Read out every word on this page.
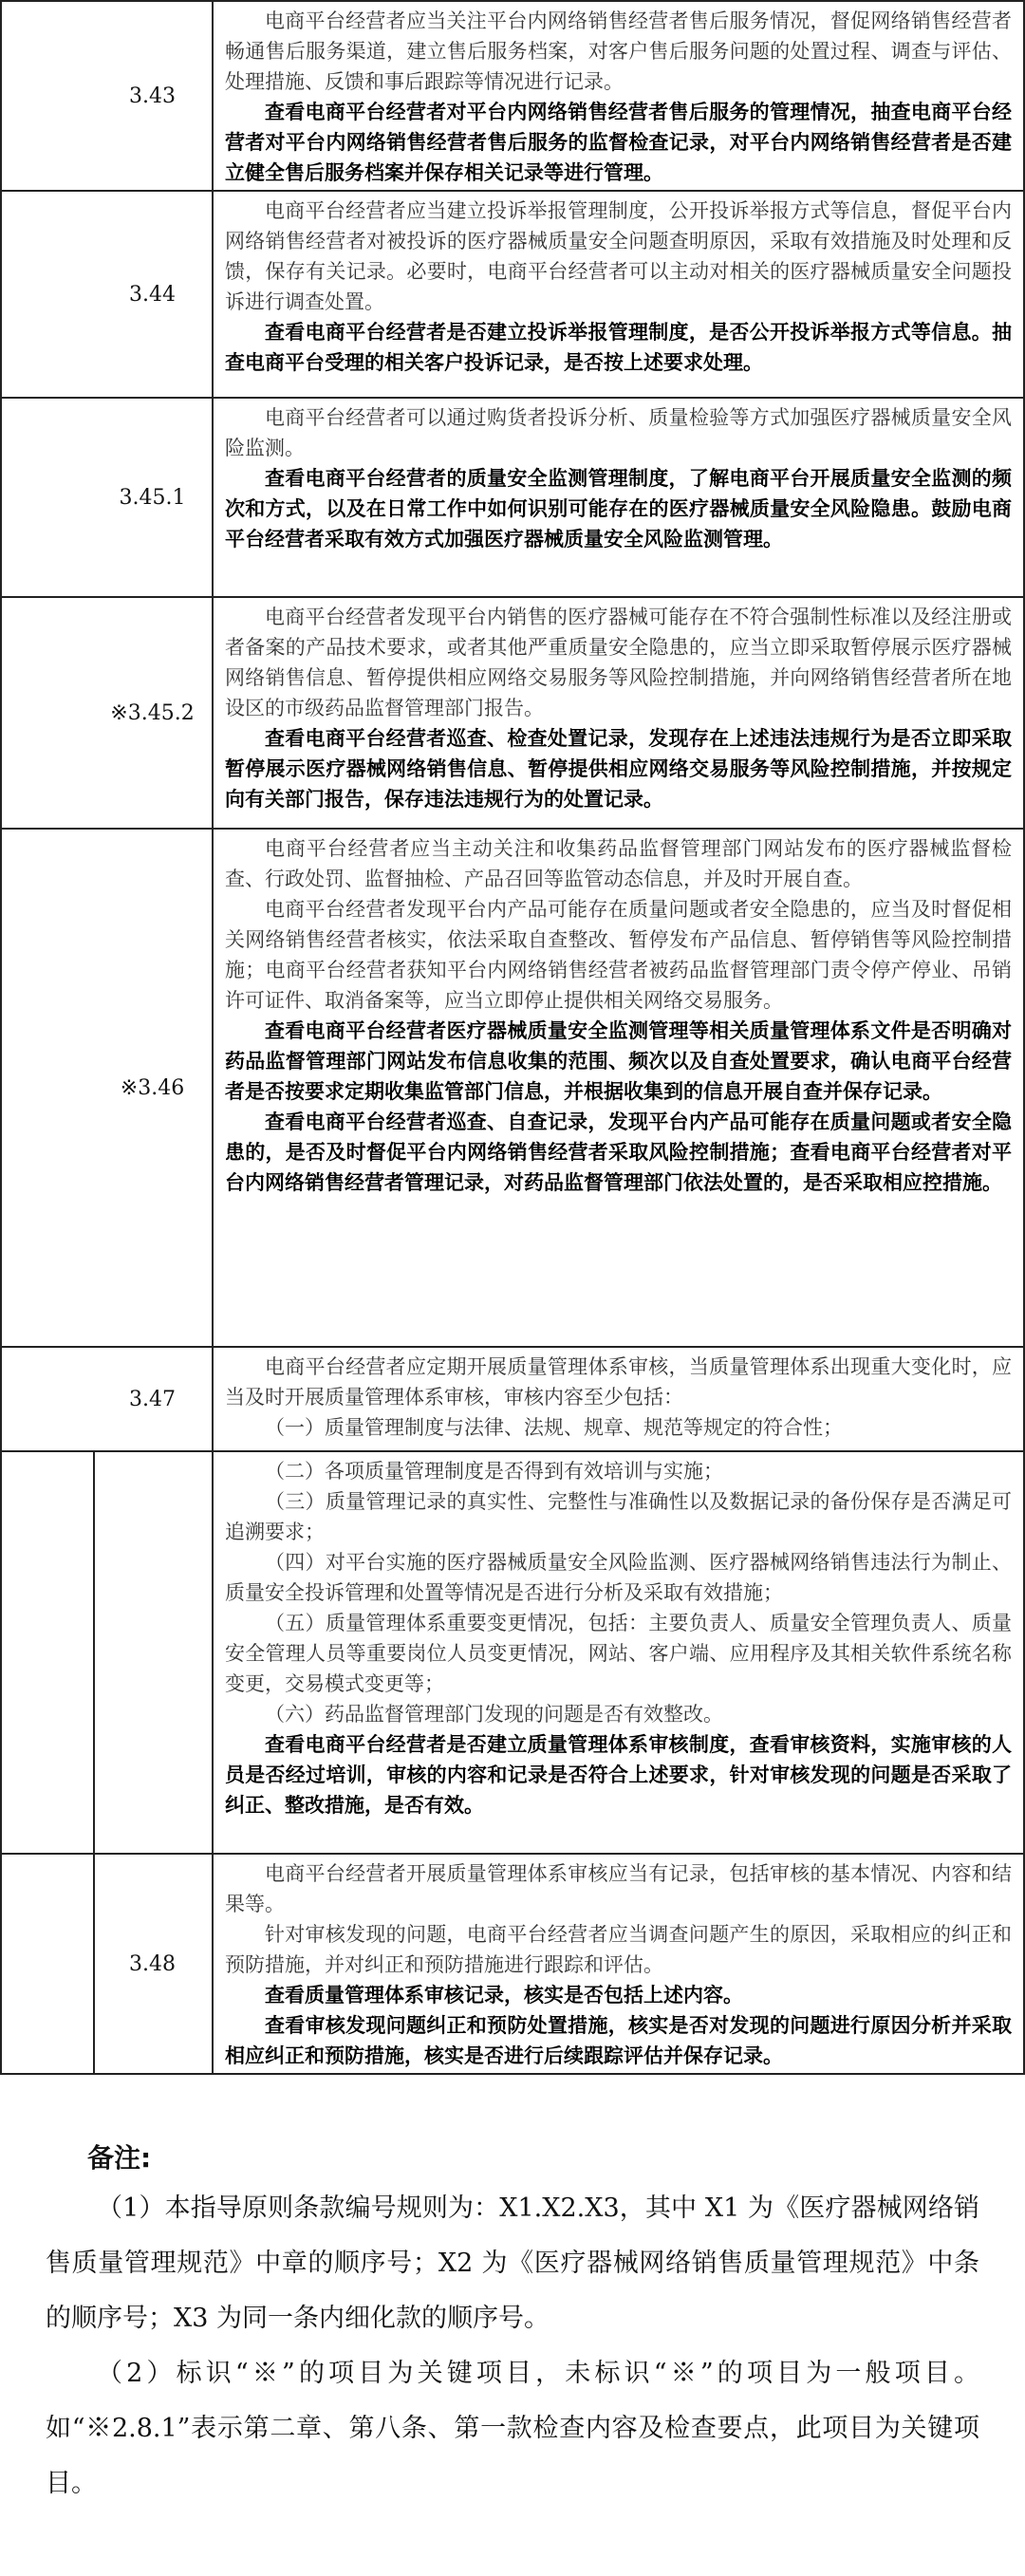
3.43

电商平台经营者应当关注平台内网络销售经营者售后服务情况，督促网络销售经营者畅通售后服务渠道，建立售后服务档案，对客户售后服务问题的处置过程、调查与评估、处理措施、反馈和事后跟踪等情况进行记录。

查看电商平台经营者对平台内网络销售经营者售后服务的管理情况，抽查电商平台经营者对平台内网络销售经营者售后服务的监督检查记录，对平台内网络销售经营者是否建立健全售后服务档案并保存相关记录等进行管理。

3.44

电商平台经营者应当建立投诉举报管理制度，公开投诉举报方式等信息，督促平台内网络销售经营者对被投诉的医疗器械质量安全问题查明原因，采取有效措施及时处理和反馈，保存有关记录。必要时，电商平台经营者可以主动对相关的医疗器械质量安全问题投诉进行调查处置。

查看电商平台经营者是否建立投诉举报管理制度，是否公开投诉举报方式等信息。抽查电商平台受理的相关客户投诉记录，是否按上述要求处理。

3.45.1

电商平台经营者可以通过购货者投诉分析、质量检验等方式加强医疗器械质量安全风险监测。

查看电商平台经营者的质量安全监测管理制度，了解电商平台开展质量安全监测的频次和方式，以及在日常工作中如何识别可能存在的医疗器械质量安全风险隐患。鼓励电商平台经营者采取有效方式加强医疗器械质量安全风险监测管理。

※3.45.2

电商平台经营者发现平台内销售的医疗器械可能存在不符合强制性标准以及经注册或者备案的产品技术要求，或者其他严重质量安全隐患的，应当立即采取暂停展示医疗器械网络销售信息、暂停提供相应网络交易服务等风险控制措施，并向网络销售经营者所在地设区的市级药品监督管理部门报告。

查看电商平台经营者巡查、检查处置记录，发现存在上述违法违规行为是否立即采取暂停展示医疗器械网络销售信息、暂停提供相应网络交易服务等风险控制措施，并按规定向有关部门报告，保存违法违规行为的处置记录。

※3.46

电商平台经营者应当主动关注和收集药品监督管理部门网站发布的医疗器械监督检查、行政处罚、监督抽检、产品召回等监管动态信息，并及时开展自查。

电商平台经营者发现平台内产品可能存在质量问题或者安全隐患的，应当及时督促相关网络销售经营者核实，依法采取自查整改、暂停发布产品信息、暂停销售等风险控制措施；电商平台经营者获知平台内网络销售经营者被药品监督管理部门责令停产停业、吊销许可证件、取消备案等，应当立即停止提供相关网络交易服务。

查看电商平台经营者医疗器械质量安全监测管理等相关质量管理体系文件是否明确对药品监督管理部门网站发布信息收集的范围、频次以及自查处置要求，确认电商平台经营者是否按要求定期收集监管部门信息，并根据收集到的信息开展自查并保存记录。

查看电商平台经营者巡查、自查记录，发现平台内产品可能存在质量问题或者安全隐患的，是否及时督促平台内网络销售经营者采取风险控制措施；查看电商平台经营者对平台内网络销售经营者管理记录，对药品监督管理部门依法处置的，是否采取相应控措施。

3.47

电商平台经营者应定期开展质量管理体系审核，当质量管理体系出现重大变化时，应当及时开展质量管理体系审核，审核内容至少包括：

（一）质量管理制度与法律、法规、规章、规范等规定的符合性；

（二）各项质量管理制度是否得到有效培训与实施；

（三）质量管理记录的真实性、完整性与准确性以及数据记录的备份保存是否满足可追溯要求；

（四）对平台实施的医疗器械质量安全风险监测、医疗器械网络销售违法行为制止、质量安全投诉管理和处置等情况是否进行分析及采取有效措施；

（五）质量管理体系重要变更情况，包括：主要负责人、质量安全管理负责人、质量安全管理人员等重要岗位人员变更情况，网站、客户端、应用程序及其相关软件系统名称变更，交易模式变更等；

（六）药品监督管理部门发现的问题是否有效整改。

查看电商平台经营者是否建立质量管理体系审核制度，查看审核资料，实施审核的人员是否经过培训，审核的内容和记录是否符合上述要求，针对审核发现的问题是否采取了纠正、整改措施，是否有效。

3.48

电商平台经营者开展质量管理体系审核应当有记录，包括审核的基本情况、内容和结果等。

针对审核发现的问题，电商平台经营者应当调查问题产生的原因，采取相应的纠正和预防措施，并对纠正和预防措施进行跟踪和评估。

查看质量管理体系审核记录，核实是否包括上述内容。

查看审核发现问题纠正和预防处置措施，核实是否对发现的问题进行原因分析并采取相应纠正和预防措施，核实是否进行后续跟踪评估并保存记录。

备注:

（1）本指导原则条款编号规则为：X1.X2.X3，其中 X1 为《医疗器械网络销售质量管理规范》中章的顺序号；X2 为《医疗器械网络销售质量管理规范》中条的顺序号；X3 为同一条内细化款的顺序号。

（2）标识“※”的项目为关键项目，未标识“※”的项目为一般项目。如“※2.8.1”表示第二章、第八条、第一款检查内容及检查要点，此项目为关键项目。
